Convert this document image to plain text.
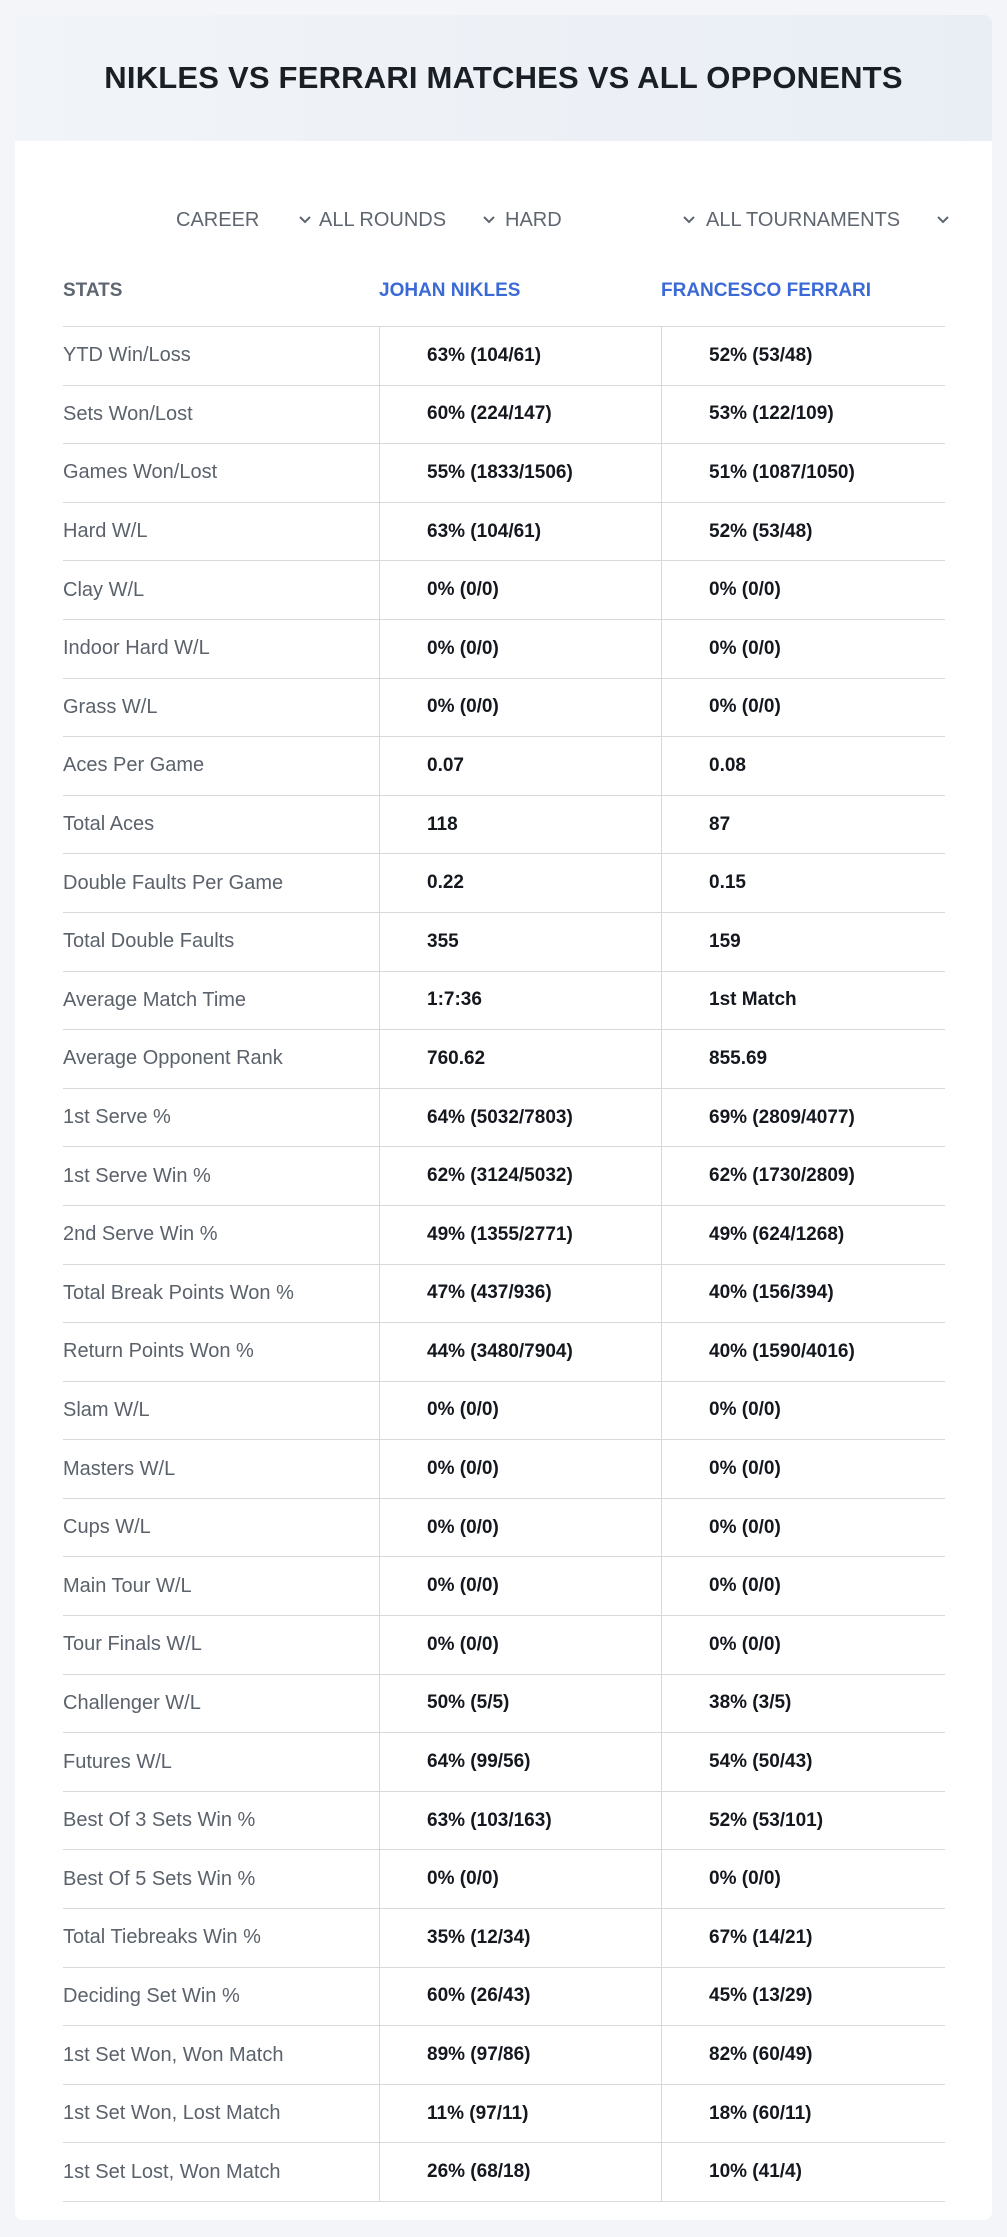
NIKLES VS FERRARI MATCHES VS ALL OPPONENTS
CAREER	ALL ROUNDS	HARD	ALL TOURNAMENTS
STATS	JOHAN NIKLES	FRANCESCO FERRARI
YTD Win/Loss	63% (104/61)	52% (53/48)
Sets Won/Lost	60% (224/147)	53% (122/109)
Games Won/Lost	55% (1833/1506)	51% (1087/1050)
Hard W/L	63% (104/61)	52% (53/48)
Clay W/L	0% (0/0)	0% (0/0)
Indoor Hard W/L	0% (0/0)	0% (0/0)
Grass W/L	0% (0/0)	0% (0/0)
Aces Per Game	0.07	0.08
Total Aces	118	87
Double Faults Per Game	0.22	0.15
Total Double Faults	355	159
Average Match Time	1:7:36	1st Match
Average Opponent Rank	760.62	855.69
1st Serve %	64% (5032/7803)	69% (2809/4077)
1st Serve Win %	62% (3124/5032)	62% (1730/2809)
2nd Serve Win %	49% (1355/2771)	49% (624/1268)
Total Break Points Won %	47% (437/936)	40% (156/394)
Return Points Won %	44% (3480/7904)	40% (1590/4016)
Slam W/L	0% (0/0)	0% (0/0)
Masters W/L	0% (0/0)	0% (0/0)
Cups W/L	0% (0/0)	0% (0/0)
Main Tour W/L	0% (0/0)	0% (0/0)
Tour Finals W/L	0% (0/0)	0% (0/0)
Challenger W/L	50% (5/5)	38% (3/5)
Futures W/L	64% (99/56)	54% (50/43)
Best Of 3 Sets Win %	63% (103/163)	52% (53/101)
Best Of 5 Sets Win %	0% (0/0)	0% (0/0)
Total Tiebreaks Win %	35% (12/34)	67% (14/21)
Deciding Set Win %	60% (26/43)	45% (13/29)
1st Set Won, Won Match	89% (97/86)	82% (60/49)
1st Set Won, Lost Match	11% (97/11)	18% (60/11)
1st Set Lost, Won Match	26% (68/18)	10% (41/4)
